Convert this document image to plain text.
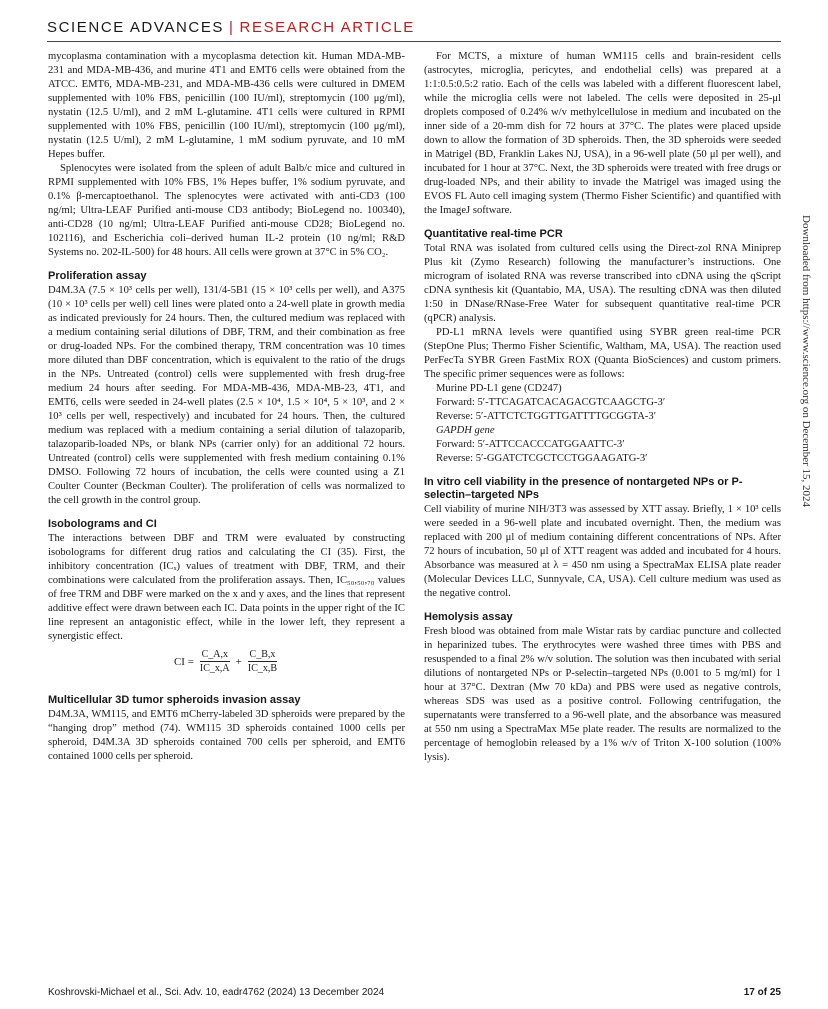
SCIENCE ADVANCES | RESEARCH ARTICLE

mycoplasma contamination with a mycoplasma detection kit. Human MDA-MB-231 and MDA-MB-436, and murine 4T1 and EMT6 cells were obtained from the ATCC. EMT6, MDA-MB-231, and MDA-MB-436 cells were cultured in DMEM supplemented with 10% FBS, penicillin (100 IU/ml), streptomycin (100 μg/ml), nystatin (12.5 U/ml), and 2 mM L-glutamine. 4T1 cells were cultured in RPMI supplemented with 10% FBS, penicillin (100 IU/ml), streptomycin (100 μg/ml), nystatin (12.5 U/ml), 2 mM L-glutamine, 1 mM sodium pyruvate, and 10 mM Hepes buffer.

Splenocytes were isolated from the spleen of adult Balb/c mice and cultured in RPMI supplemented with 10% FBS, 1% Hepes buffer, 1% sodium pyruvate, and 0.1% β-mercaptoethanol. The splenocytes were activated with anti-CD3 (100 ng/ml; Ultra-LEAF Purified anti-mouse CD3 antibody; BioLegend no. 100340), anti-CD28 (10 ng/ml; Ultra-LEAF Purified anti-mouse CD28; BioLegend no. 102116), and Escherichia coli–derived human IL-2 protein (10 ng/ml; R&D Systems no. 202-IL-500) for 48 hours. All cells were grown at 37°C in 5% CO₂.

Proliferation assay

D4M.3A (7.5 × 10³ cells per well), 131/4-5B1 (15 × 10³ cells per well), and A375 (10 × 10³ cells per well) cell lines were plated onto a 24-well plate in growth media as indicated previously for 24 hours. Then, the cultured medium was replaced with a medium containing serial dilutions of DBF, TRM, and their combination as free or drug-loaded NPs. For the combined therapy, TRM concentration was 10 times more diluted than DBF concentration, which is equivalent to the ratio of the drugs in the NPs. Untreated (control) cells were supplemented with fresh drug-free medium 24 hours after seeding. For MDA-MB-436, MDA-MB-23, 4T1, and EMT6, cells were seeded in 24-well plates (2.5 × 10⁴, 1.5 × 10⁴, 5 × 10³, and 2 × 10³ cells per well, respectively) and incubated for 24 hours. Then, the cultured medium was replaced with a medium containing a serial dilution of talazoparib, talazoparib-loaded NPs, or blank NPs (carrier only) for an additional 72 hours. Untreated (control) cells were supplemented with fresh medium containing 0.1% DMSO. Following 72 hours of incubation, the cells were counted using a Z1 Coulter Counter (Beckman Coulter). The proliferation of cells was normalized to the cell growth in the control group.

Isobolograms and CI

The interactions between DBF and TRM were evaluated by constructing isobolograms for different drug ratios and calculating the CI (35). First, the inhibitory concentration (ICₓ) values of treatment with DBF, TRM, and their combinations were calculated from the proliferation assays. Then, IC₅₀,₅₀,₇₀ values of free TRM and DBF were marked on the x and y axes, and the lines that represent additive effect were drawn between each IC. Data points in the upper right of the IC line represent an antagonistic effect, while in the lower left, they represent a synergistic effect.

CI = $\frac{C\_A,x}{IC\_x,A} + \frac{C\_B,x}{IC\_x,B}$
Multicellular 3D tumor spheroids invasion assay

D4M.3A, WM115, and EMT6 mCherry-labeled 3D spheroids were prepared by the “hanging drop” method (74). WM115 3D spheroids contained 1000 cells per spheroid, D4M.3A 3D spheroids contained 700 cells per spheroid, and EMT6 contained 1000 cells per spheroid.

For MCTS, a mixture of human WM115 cells and brain-resident cells (astrocytes, microglia, pericytes, and endothelial cells) was prepared at a 1:1:0.5:0.5:2 ratio. Each of the cells was labeled with a different fluorescent label, while the microglia cells were not labeled. The cells were deposited in 25-μl droplets composed of 0.24% w/v methylcellulose in medium and incubated on the inner side of a 20-mm dish for 72 hours at 37°C. The plates were placed upside down to allow the formation of 3D spheroids. Then, the 3D spheroids were seeded in Matrigel (BD, Franklin Lakes NJ, USA), in a 96-well plate (50 μl per well), and incubated for 1 hour at 37°C. Next, the 3D spheroids were treated with free drugs or drug-loaded NPs, and their ability to invade the Matrigel was imaged using the EVOS FL Auto cell imaging system (Thermo Fisher Scientific) and quantified with the ImageJ software.

Quantitative real-time PCR

Total RNA was isolated from cultured cells using the Direct-zol RNA Miniprep Plus kit (Zymo Research) following the manufacturer’s instructions. One microgram of isolated RNA was reverse transcribed into cDNA using the qScript cDNA synthesis kit (Quantabio, MA, USA). The resulting cDNA was then diluted 1:50 in DNase/RNase-Free Water for subsequent quantitative real-time PCR (qPCR) analysis.

PD-L1 mRNA levels were quantified using SYBR green real-time PCR (StepOne Plus; Thermo Fisher Scientific, Waltham, MA, USA). The reaction used PerFecTa SYBR Green FastMix ROX (Quanta BioSciences) and custom primers. The specific primer sequences were as follows:

Murine PD-L1 gene (CD247)
Forward: 5′-TTCAGATCACAGACGTCAAGCTG-3′
Reverse: 5′-ATTCTCTGGTTGATTTTGCGGTA-3′
GAPDH gene
Forward: 5′-ATTCCACCCATGGAATTC-3′
Reverse: 5′-GGATCTCGCTCCTGGAAGATG-3′
In vitro cell viability in the presence of nontargeted NPs or P-selectin–targeted NPs

Cell viability of murine NIH/3T3 was assessed by XTT assay. Briefly, 1 × 10³ cells were seeded in a 96-well plate and incubated overnight. Then, the medium was replaced with 200 μl of medium containing different concentrations of NPs. After 72 hours of incubation, 50 μl of XTT reagent was added and incubated for 4 hours. Absorbance was measured at λ = 450 nm using a SpectraMax ELISA plate reader (Molecular Devices LLC, Sunnyvale, CA, USA). Cell culture medium was used as the negative control.

Hemolysis assay

Fresh blood was obtained from male Wistar rats by cardiac puncture and collected in heparinized tubes. The erythrocytes were washed three times with PBS and resuspended to a final 2% w/v solution. The solution was then incubated with serial dilutions of nontargeted NPs or P-selectin–targeted NPs (0.001 to 5 mg/ml) for 1 hour at 37°C. Dextran (Mw 70 kDa) and PBS were used as negative controls, whereas SDS was used as a positive control. Following centrifugation, the supernatants were transferred to a 96-well plate, and the absorbance was measured at 550 nm using a SpectraMax M5e plate reader. The results are normalized to the percentage of hemoglobin released by a 1% w/v of Triton X-100 solution (100% lysis).

Downloaded from https://www.science.org on December 15, 2024
Koshrovski-Michael et al., Sci. Adv. 10, eadr4762 (2024) 13 December 2024	17 of 25
